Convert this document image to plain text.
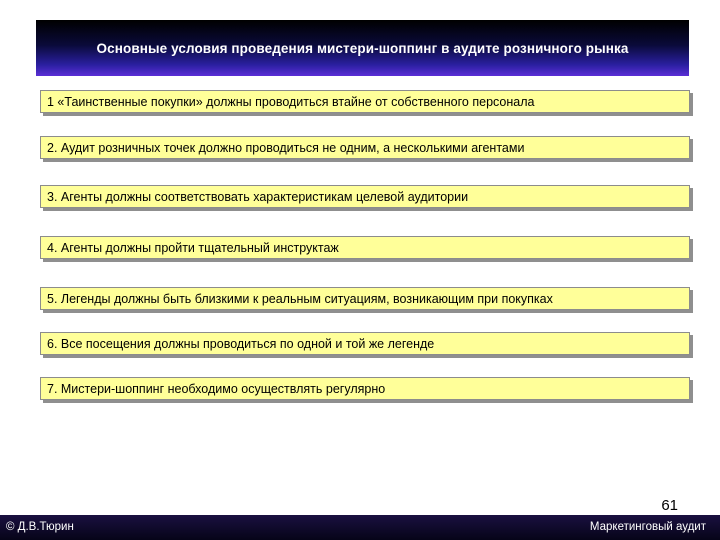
Основные условия проведения мистери-шоппинг в аудите розничного рынка
1 «Таинственные покупки» должны проводиться втайне от собственного персонала
2. Аудит розничных точек должно проводиться не одним, а несколькими агентами
3. Агенты должны соответствовать характеристикам целевой аудитории
4. Агенты должны пройти тщательный инструктаж
5. Легенды должны быть близкими к реальным ситуациям, возникающим при покупках
6. Все посещения должны проводиться по одной и той же легенде
7. Мистери-шоппинг необходимо осуществлять регулярно
61
© Д.В.Тюрин	Маркетинговый аудит
